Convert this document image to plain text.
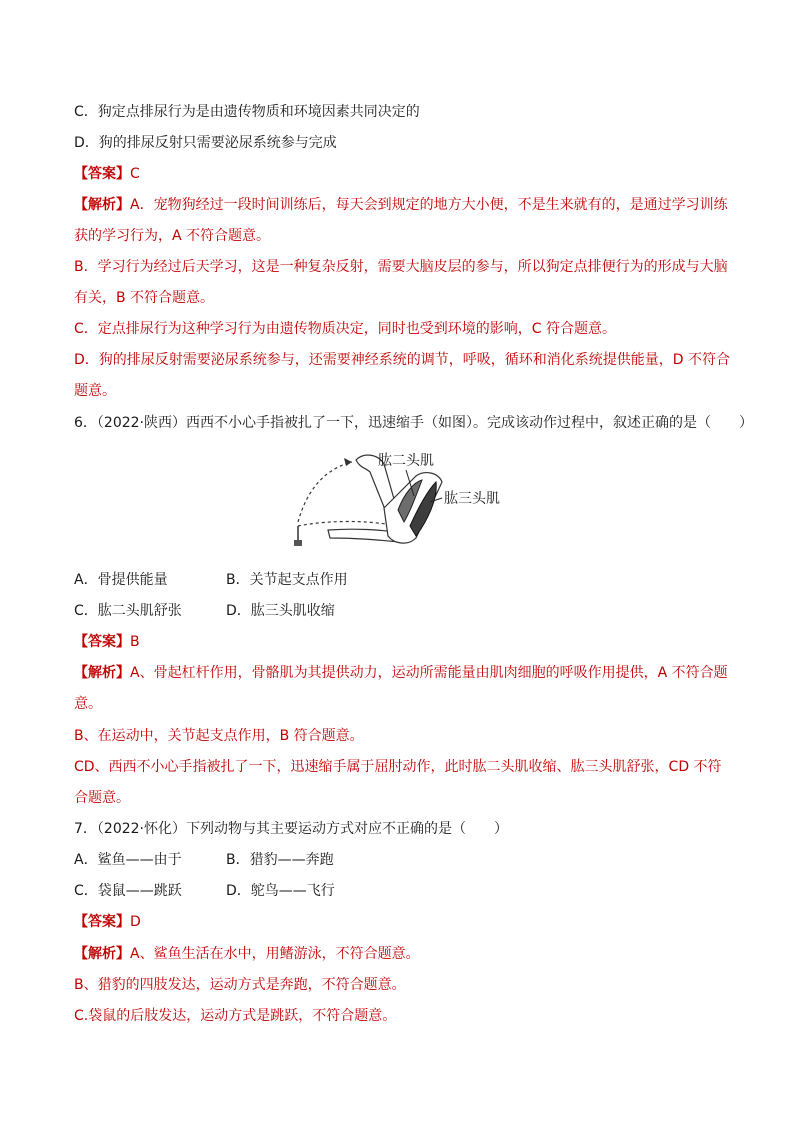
C．狗定点排尿行为是由遗传物质和环境因素共同决定的
D．狗的排尿反射只需要泌尿系统参与完成
【答案】C
【解析】A．宠物狗经过一段时间训练后，每天会到规定的地方大小便，不是生来就有的，是通过学习训练
获的学习行为，A 不符合题意。
B．学习行为经过后天学习，这是一种复杂反射，需要大脑皮层的参与，所以狗定点排便行为的形成与大脑
有关，B 不符合题意。
C．定点排尿行为这种学习行为由遗传物质决定，同时也受到环境的影响，C 符合题意。
D．狗的排尿反射需要泌尿系统参与，还需要神经系统的调节，呼吸，循环和消化系统提供能量，D 不符合
题意。
6．（2022·陕西）西西不小心手指被扎了一下，迅速缩手（如图）。完成该动作过程中，叙述正确的是（　　）
肱二头肌
肱三头肌
A．骨提供能量	B．关节起支点作用
C．肱二头肌舒张	D．肱三头肌收缩
【答案】B
【解析】A、骨起杠杆作用，骨骼肌为其提供动力，运动所需能量由肌肉细胞的呼吸作用提供，A 不符合题
意。
B、在运动中，关节起支点作用，B 符合题意。
CD、西西不小心手指被扎了一下，迅速缩手属于屈肘动作，此时肱二头肌收缩、肱三头肌舒张，CD 不符
合题意。
7．（2022·怀化）下列动物与其主要运动方式对应不正确的是（　　）
A．鲨鱼——由于	B．猎豹——奔跑
C．袋鼠——跳跃	D．鸵鸟——飞行
【答案】D
【解析】A、鲨鱼生活在水中，用鳍游泳，不符合题意。
B、猎豹的四肢发达，运动方式是奔跑，不符合题意。
C.袋鼠的后肢发达，运动方式是跳跃，不符合题意。
